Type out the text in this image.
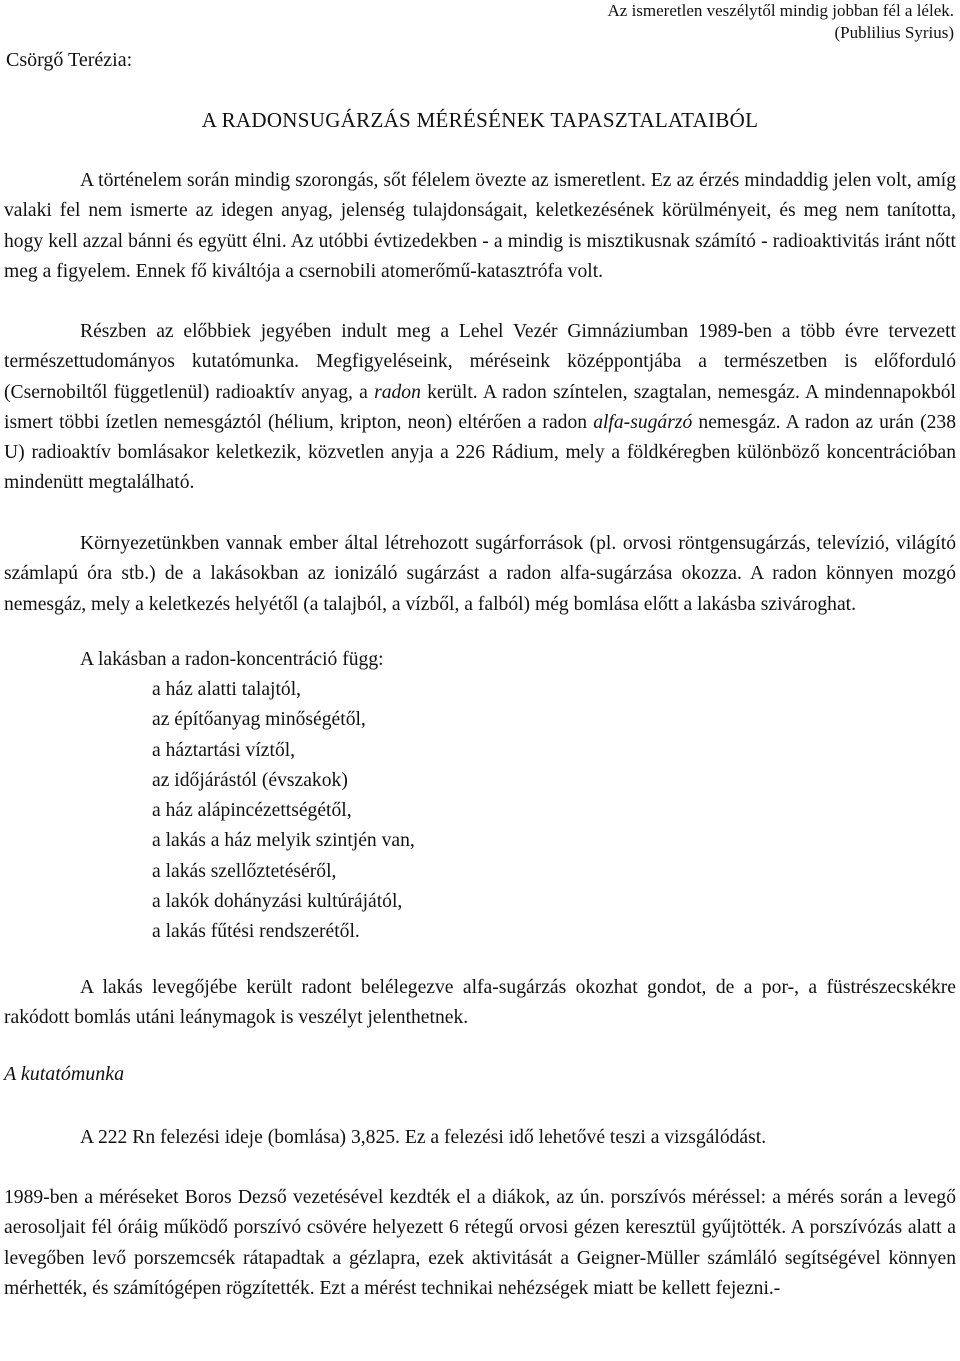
Az ismeretlen veszélytől mindig jobban fél a lélek.
(Publilius Syrius)
Csörgő Terézia:
A RADONSUGÁRZÁS MÉRÉSÉNEK TAPASZTALATAIBÓL

A történelem során mindig szorongás, sőt félelem övezte az ismeretlent. Ez az érzés mindaddig jelen volt, amíg valaki fel nem ismerte az idegen anyag, jelenség tulajdonságait, keletkezésének körülményeit, és meg nem tanította, hogy kell azzal bánni és együtt élni. Az utóbbi évtizedekben - a mindig is misztikusnak számító - radioaktivitás iránt nőtt meg a figyelem. Ennek fő kiváltója a csernobili atomerőmű-katasztrófa volt.

Részben az előbbiek jegyében indult meg a Lehel Vezér Gimnáziumban 1989-ben a több évre tervezett természettudományos kutatómunka. Megfigyeléseink, méréseink középpontjába a természetben is előforduló (Csernobiltől függetlenül) radioaktív anyag, a radon került. A radon színtelen, szagtalan, nemesgáz. A mindennapokból ismert többi ízetlen nemesgáztól (hélium, kripton, neon) eltérően a radon alfa-sugárzó nemesgáz. A radon az urán (238 U) radioaktív bomlásakor keletkezik, közvetlen anyja a 226 Rádium, mely a földkéregben különböző koncentrációban mindenütt megtalálható.

Környezetünkben vannak ember által létrehozott sugárforrások (pl. orvosi röntgensugárzás, televízió, világító számlapú óra stb.) de a lakásokban az ionizáló sugárzást a radon alfa-sugárzása okozza. A radon könnyen mozgó nemesgáz, mely a keletkezés helyétől (a talajból, a vízből, a falból) még bomlása előtt a lakásba szivároghat.

A lakásban a radon-koncentráció függ:

a ház alatti talajtól,
az építőanyag minőségétől,
a háztartási víztől,
az időjárástól (évszakok)
a ház alápincézettségétől,
a lakás a ház melyik szintjén van,
a lakás szellőztetéséről,
a lakók dohányzási kultúrájától,
a lakás fűtési rendszerétől.

A lakás levegőjébe került radont belélegezve alfa-sugárzás okozhat gondot, de a por-, a füstrészecskékre rakódott bomlás utáni leánymagok is veszélyt jelenthetnek.

A kutatómunka

A 222 Rn felezési ideje (bomlása) 3,825. Ez a felezési idő lehetővé teszi a vizsgálódást.

1989-ben a méréseket Boros Dezső vezetésével kezdték el a diákok, az ún. porszívós méréssel: a mérés során a levegő aerosoljait fél óráig működő porszívó csövére helyezett 6 rétegű orvosi gézen keresztül gyűjtötték. A porszívózás alatt a levegőben levő porszemcsék rátapadtak a gézlapra, ezek aktivitását a Geigner-Müller számláló segítségével könnyen mérhették, és számítógépen rögzítették. Ezt a mérést technikai nehézségek miatt be kellett fejezni.-
